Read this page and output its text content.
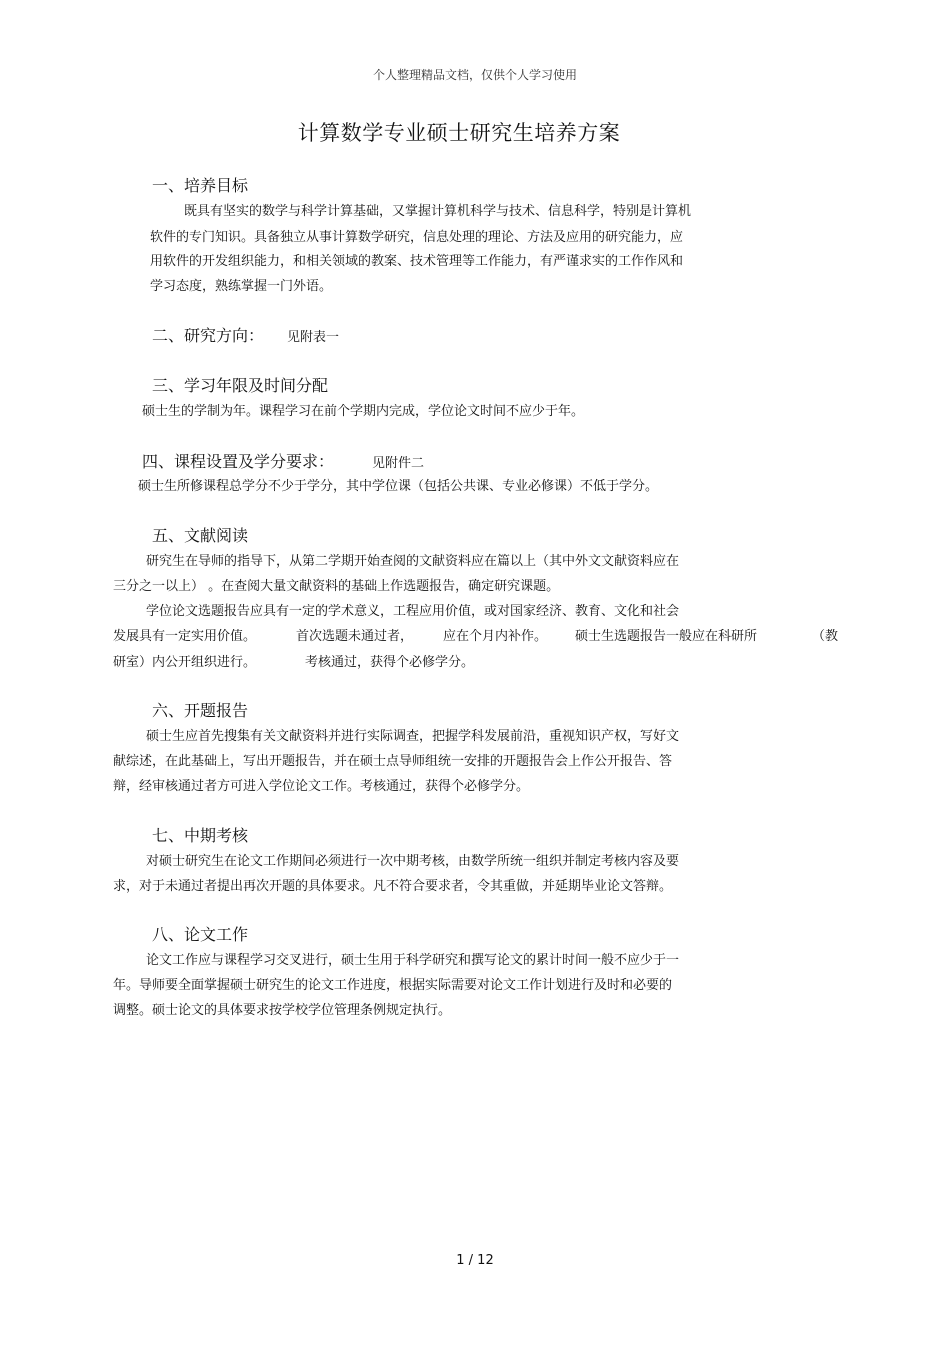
个人整理精品文档，仅供个人学习使用
计算数学专业硕士研究生培养方案
一、培养目标
既具有坚实的数学与科学计算基础，又掌握计算机科学与技术、信息科学，特别是计算机
软件的专门知识。具备独立从事计算数学研究，信息处理的理论、方法及应用的研究能力，应
用软件的开发组织能力，和相关领域的教案、技术管理等工作能力，有严谨求实的工作作风和
学习态度，熟练掌握一门外语。
二、研究方向： 见附表一
三、学习年限及时间分配
硕士生的学制为年。课程学习在前个学期内完成，学位论文时间不应少于年。
四、课程设置及学分要求：	见附件二
硕士生所修课程总学分不少于学分，其中学位课（包括公共课、专业必修课）不低于学分。
五、文献阅读
研究生在导师的指导下，从第二学期开始查阅的文献资料应在篇以上（其中外文文献资料应在
三分之一以上） 。在查阅大量文献资料的基础上作选题报告，确定研究课题。
学位论文选题报告应具有一定的学术意义，工程应用价值，或对国家经济、教育、文化和社会
发展具有一定实用价值。	首次选题未通过者， 应在个月内补作。 硕士生选题报告一般应在科研所	（教
研室）内公开组织进行。	考核通过，获得个必修学分。
六、开题报告
硕士生应首先搜集有关文献资料并进行实际调查，把握学科发展前沿，重视知识产权，写好文
献综述，在此基础上，写出开题报告，并在硕士点导师组统一安排的开题报告会上作公开报告、答
辩，经审核通过者方可进入学位论文工作。考核通过，获得个必修学分。
七、中期考核
对硕士研究生在论文工作期间必须进行一次中期考核，由数学所统一组织并制定考核内容及要
求，对于未通过者提出再次开题的具体要求。凡不符合要求者，令其重做，并延期毕业论文答辩。
八、论文工作
论文工作应与课程学习交叉进行，硕士生用于科学研究和撰写论文的累计时间一般不应少于一
年。导师要全面掌握硕士研究生的论文工作进度，根据实际需要对论文工作计划进行及时和必要的
调整。硕士论文的具体要求按学校学位管理条例规定执行。
1 / 12
